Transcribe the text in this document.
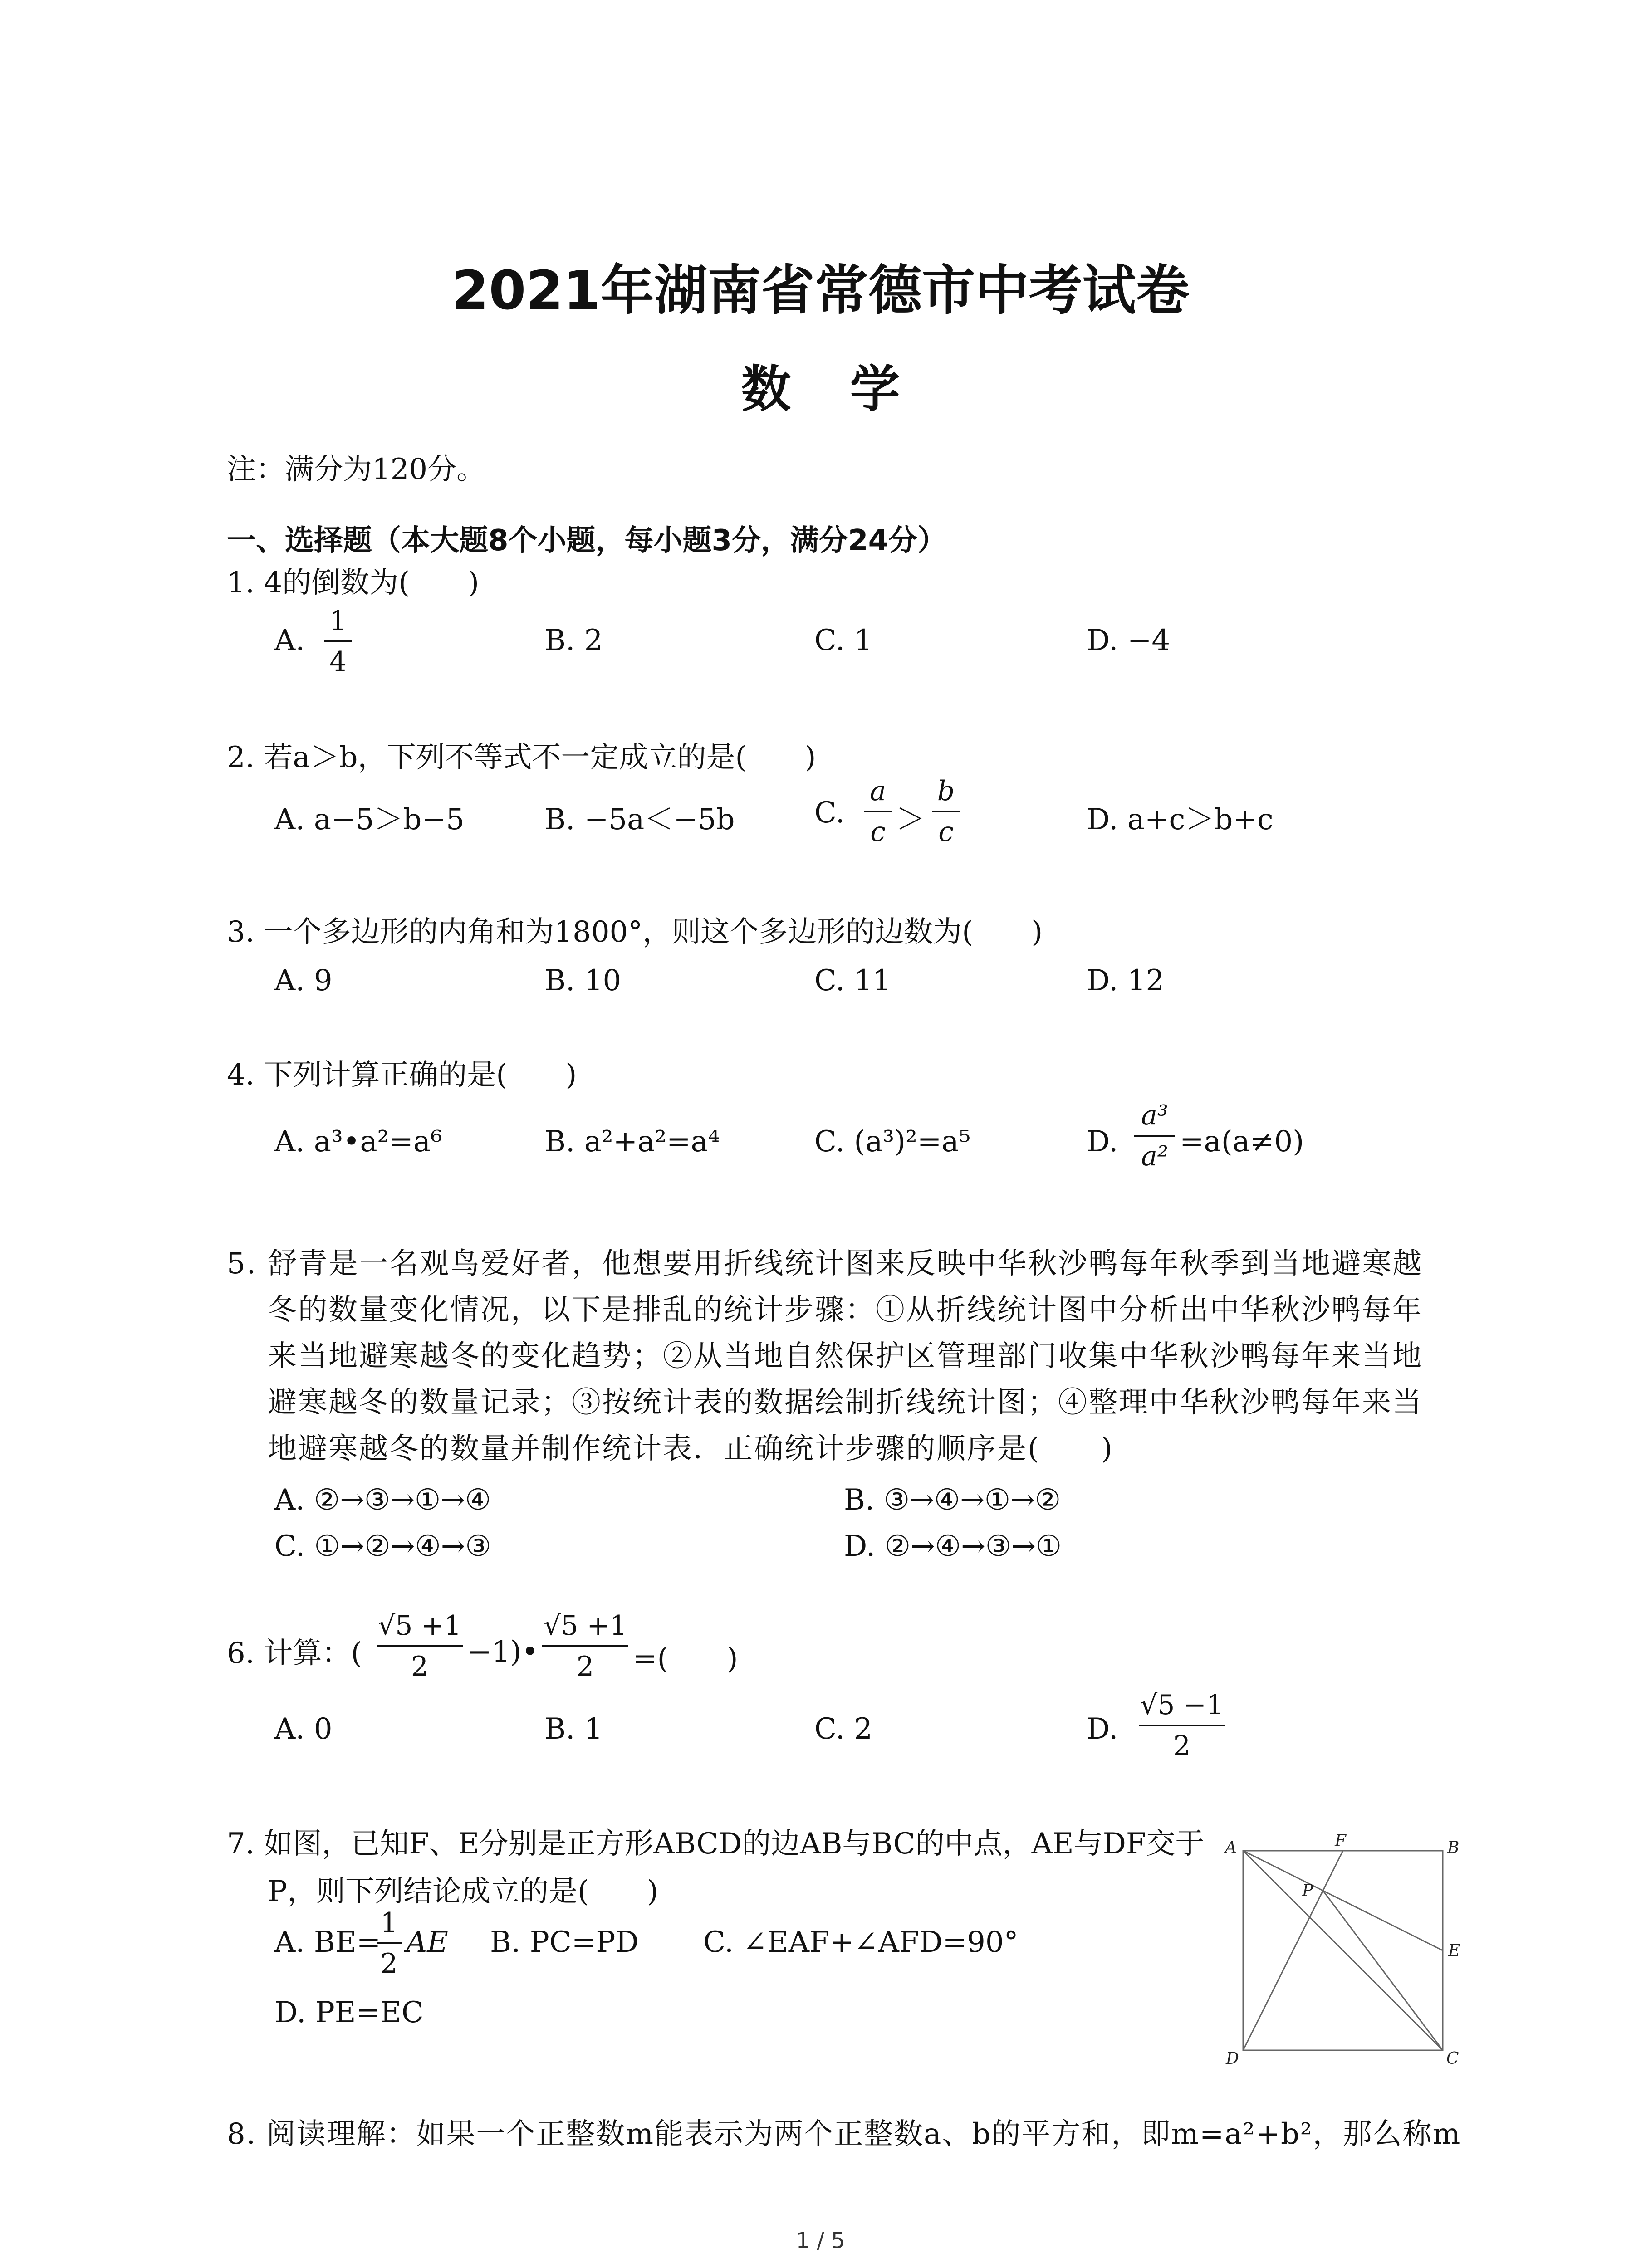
2021年湖南省常德市中考试卷
数学
注：满分为120分。
一、选择题（本大题8个小题，每小题3分，满分24分）
1. 4的倒数为(　　)
A.
1
4
B. 2	C. 1	D. −4
2. 若a＞b，下列不等式不一定成立的是(　　)
A. a−5＞b−5	B. −5a＜−5b	C.
a
c ＞
b
c	D. a+c＞b+c
3. 一个多边形的内角和为1800°，则这个多边形的边数为(　　)
A. 9	B. 10	C. 11	D. 12
4. 下列计算正确的是(　　)
A. a³•a²=a⁶	B. a²+a²=a⁴	C. (a³)²=a⁵	D.
a³
a² =a(a≠0)
5. 舒青是一名观鸟爱好者，他想要用折线统计图来反映中华秋沙鸭每年秋季到当地避寒越
冬的数量变化情况，以下是排乱的统计步骤：①从折线统计图中分析出中华秋沙鸭每年
来当地避寒越冬的变化趋势；②从当地自然保护区管理部门收集中华秋沙鸭每年来当地
避寒越冬的数量记录；③按统计表的数据绘制折线统计图；④整理中华秋沙鸭每年来当
地避寒越冬的数量并制作统计表．正确统计步骤的顺序是(　　)
A. ②→③→①→④	B. ③→④→①→②
C. ①→②→④→③	D. ②→④→③→①
6. 计算：(
√5 +1
2	−1)•
√5 +1
2	=(　　)
A. 0	B. 1	C. 2	D.
√5 −1
2
7. 如图，已知F、E分别是正方形ABCD的边AB与BC的中点，AE与DF交于
P，则下列结论成立的是(　　)
A. BE=
1
2
AE B. PC=PD C. ∠EAF+∠AFD=90°
D. PE=EC
A	F	B
P
E
D	C
8. 阅读理解：如果一个正整数m能表示为两个正整数a、b的平方和，即m=a²+b²，那么称m
1 / 5
